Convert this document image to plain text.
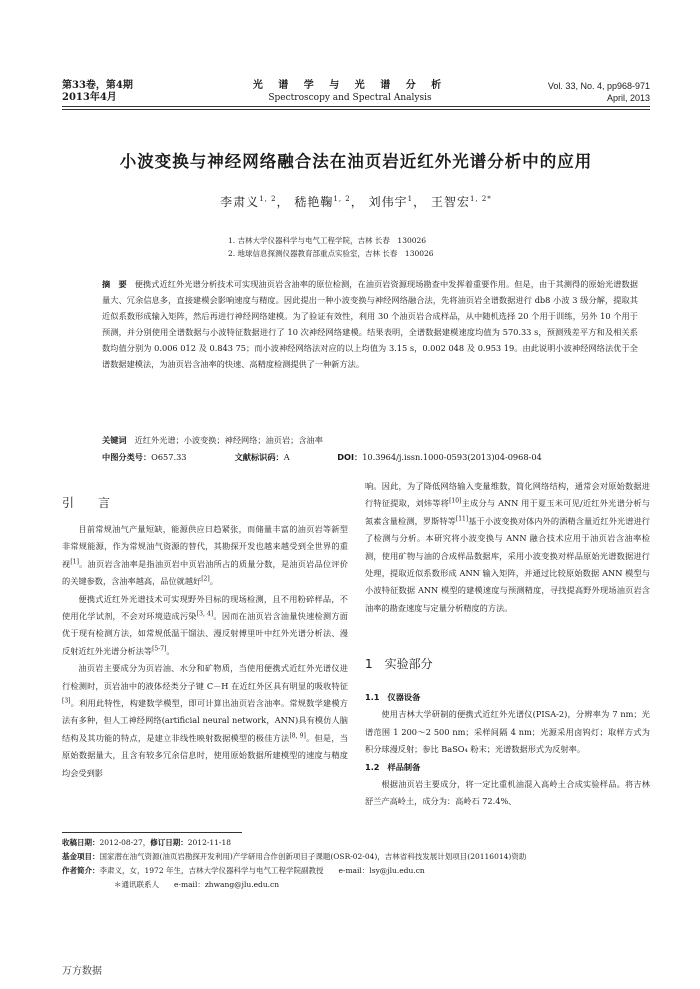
第33卷，第4期
2013年4月
光 谱 学 与 光 谱 分 析
Spectroscopy and Spectral Analysis
Vol. 33, No. 4, pp968-971
April, 2013
小波变换与神经网络融合法在油页岩近红外光谱分析中的应用
李肃义$^{1, 2}$， 嵇艳鞠$^{1, 2}$， 刘伟宇$^1$， 王智宏$^{1, 2*}$
1. 吉林大学仪器科学与电气工程学院，吉林 长春　130026
2. 地球信息探测仪器教育部重点实验室，吉林 长春　130026
摘　要 便携式近红外光谱分析技术可实现油页岩含油率的原位检测，在油页岩资源现场勘查中发挥着重要作用。但是，由于其测得的原始光谱数据量大、冗余信息多，直接建模会影响速度与精度。因此提出一种小波变换与神经网络融合法，先将油页岩全谱数据进行 db8 小波 3 级分解，提取其近似系数形成输入矩阵，然后再进行神经网络建模。为了验证有效性，利用 30 个油页岩合成样品，从中随机选择 20 个用于训练，另外 10 个用于预测，并分别使用全谱数据与小波特征数据进行了 10 次神经网络建模。结果表明，全谱数据建模速度均值为 570.33 s，预测残差平方和及相关系数均值分别为 0.006 012 及 0.843 75；而小波神经网络法对应的以上均值为 3.15 s，0.002 048 及 0.953 19。由此说明小波神经网络法优于全谱数据建模法，为油页岩含油率的快速、高精度检测提供了一种新方法。
关键词 近红外光谱；小波变换；神经网络；油页岩；含油率
中图分类号：O657.33	文献标识码：A	DOI：10.3964/j.issn.1000-0593(2013)04-0968-04
引　言

目前常规油气产量短缺，能源供应日趋紧张，而储量丰富的油页岩等新型非常规能源，作为常规油气资源的替代，其勘探开发也越来越受到全世界的重视[1]。油页岩含油率是指油页岩中页岩油所占的质量分数，是油页岩品位评价的关键参数，含油率越高，品位就越好[2]。

便携式近红外光谱技术可实现野外目标的现场检测，且不用粉碎样品，不使用化学试剂，不会对环境造成污染[3, 4]。因而在油页岩含油量快速检测方面优于现有检测方法，如常规低温干馏法、漫反射傅里叶中红外光谱分析法、漫反射近红外光谱分析法等[5-7]。

油页岩主要成分为页岩油、水分和矿物质，当使用便携式近红外光谱仪进行检测时，页岩油中的液体烃类分子键 C－H 在近红外区具有明显的吸收特征[3]。利用此特性，构建数学模型，即可计算出油页岩含油率。常规数学建模方法有多种，但人工神经网络(artificial neural network，ANN)具有模仿人脑结构及其功能的特点，是建立非线性映射数据模型的极佳方法[8, 9]。但是，当原始数据量大，且含有较多冗余信息时，使用原始数据所建模型的速度与精度均会受到影

响。因此，为了降低网络输入变量维数，简化网络结构，通常会对原始数据进行特征提取，刘炜等将[10]主成分与 ANN 用于夏玉米可见/近红外光谱分析与氮素含量检测，罗斯特等[11]基于小波变换对体内外的酒精含量近红外光谱进行了检测与分析。本研究将小波变换与 ANN 融合技术应用于油页岩含油率检测，使用矿物与油的合成样品数据库，采用小波变换对样品原始光谱数据进行处理，提取近似系数形成 ANN 输入矩阵，并通过比较原始数据 ANN 模型与小波特征数据 ANN 模型的建模速度与预测精度，寻找提高野外现场油页岩含油率的勘查速度与定量分析精度的方法。

1 实验部分
1.1 仪器设备

使用吉林大学研制的便携式近红外光谱仪(PISA-2)，分辨率为 7 nm；光谱范围 1 200～2 500 nm；采样间隔 4 nm；光源采用卤钨灯；取样方式为积分球漫反射；参比 BaSO₄ 粉末；光谱数据形式为反射率。

1.2 样品制备

根据油页岩主要成分，将一定比重机油混入高岭土合成实验样品。将吉林舒兰产高岭土，成分为：高岭石 72.4%、

收稿日期：2012-08-27，修订日期：2012-11-18
基金项目：国家潜在油气资源(油页岩勘探开发利用)产学研用合作创新项目子课题(OSR-02-04)，吉林省科技发展计划项目(20116014)资助
作者简介：李肃义，女，1972 年生，吉林大学仪器科学与电气工程学院副教授　　e-mail：lsy@jlu.edu.cn
＊通讯联系人　　e-mail：zhwang@jlu.edu.cn
万方数据
